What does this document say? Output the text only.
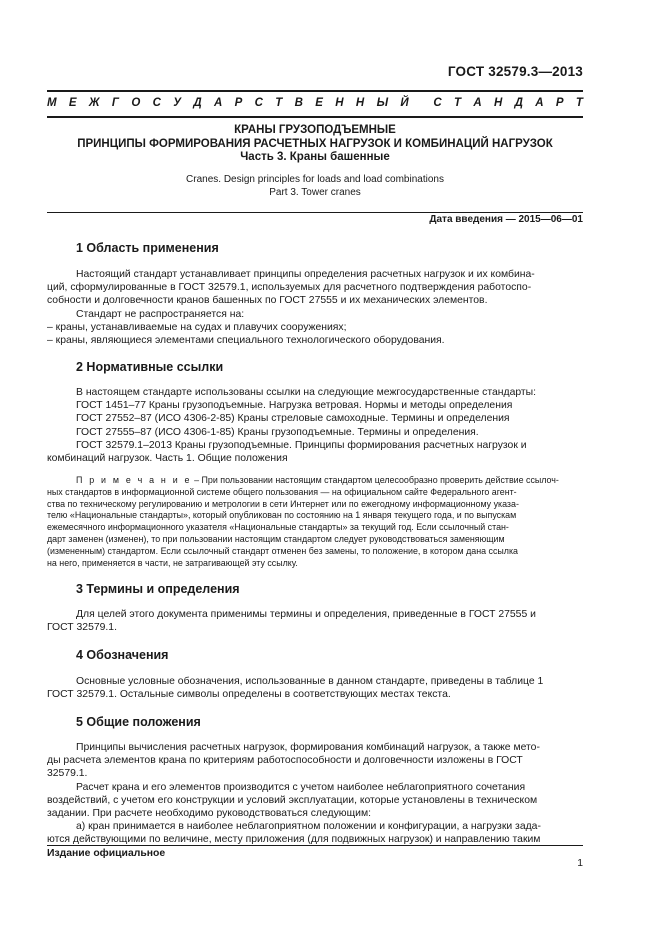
ГОСТ 32579.3—2013
М Е Ж Г О С У Д А Р С Т В Е Н Н Ы Й С Т А Н Д А Р Т
КРАНЫ ГРУЗОПОДЪЕМНЫЕ
ПРИНЦИПЫ ФОРМИРОВАНИЯ РАСЧЕТНЫХ НАГРУЗОК И КОМБИНАЦИЙ НАГРУЗОК
Часть 3. Краны башенные
Cranes. Design principles for loads and load combinations
Part 3. Tower cranes
Дата введения — 2015—06—01
1 Область применения
Настоящий стандарт устанавливает принципы определения расчетных нагрузок и их комбина-
ций, сформулированные в ГОСТ 32579.1, используемых для расчетного подтверждения работоспо-
собности и долговечности кранов башенных по ГОСТ 27555 и их механических элементов.
Стандарт не распространяется на:
– краны, устанавливаемые на судах и плавучих сооружениях;
– краны, являющиеся элементами специального технологического оборудования.
2 Нормативные ссылки
В настоящем стандарте использованы ссылки на следующие межгосударственные стандарты:
ГОСТ 1451–77 Краны грузоподъемные. Нагрузка ветровая. Нормы и методы определения
ГОСТ 27552–87 (ИСО 4306-2-85) Краны стреловые самоходные. Термины и определения
ГОСТ 27555–87 (ИСО 4306-1-85) Краны грузоподъемные. Термины и определения.
ГОСТ 32579.1–2013 Краны грузоподъемные. Принципы формирования расчетных нагрузок и
комбинаций нагрузок. Часть 1. Общие положения
П р и м е ч а н и е – При пользовании настоящим стандартом целесообразно проверить действие ссылоч-
ных стандартов в информационной системе общего пользования — на официальном сайте Федерального агент-
ства по техническому регулированию и метрологии в сети Интернет или по ежегодному информационному указа-
телю «Национальные стандарты», который опубликован по состоянию на 1 января текущего года, и по выпускам
ежемесячного информационного указателя «Национальные стандарты» за текущий год. Если ссылочный стан-
дарт заменен (изменен), то при пользовании настоящим стандартом следует руководствоваться заменяющим
(измененным) стандартом. Если ссылочный стандарт отменен без замены, то положение, в котором дана ссылка
на него, применяется в части, не затрагивающей эту ссылку.
3 Термины и определения
Для целей этого документа применимы термины и определения, приведенные в ГОСТ 27555 и
ГОСТ 32579.1.
4 Обозначения
Основные условные обозначения, использованные в данном стандарте, приведены в таблице 1
ГОСТ 32579.1. Остальные символы определены в соответствующих местах текста.
5 Общие положения
Принципы вычисления расчетных нагрузок, формирования комбинаций нагрузок, а также мето-
ды расчета элементов крана по критериям работоспособности и долговечности изложены в ГОСТ
32579.1.
Расчет крана и его элементов производится с учетом наиболее неблагоприятного сочетания
воздействий, с учетом его конструкции и условий эксплуатации, которые установлены в техническом
задании. При расчете необходимо руководствоваться следующим:
а) кран принимается в наиболее неблагоприятном положении и конфигурации, а нагрузки задa-
ются действующими по величине, месту приложения (для подвижных нагрузок) и направлению таким
Издание официальное
1
